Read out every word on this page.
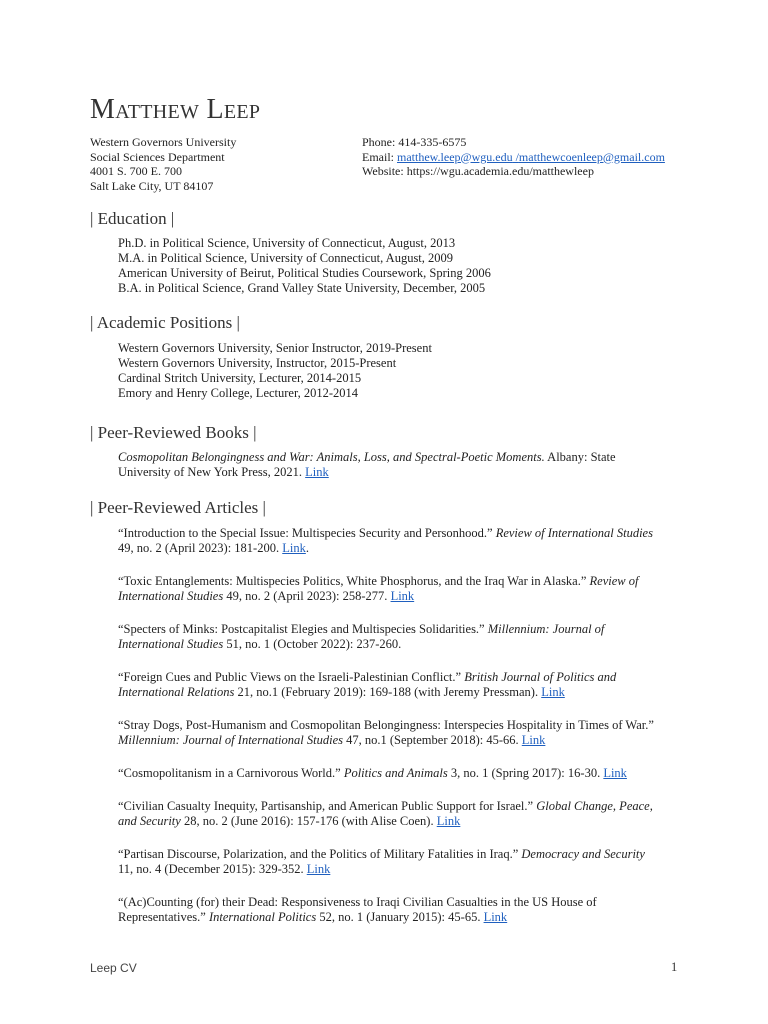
Matthew Leep
Western Governors University
Social Sciences Department
4001 S. 700 E. 700
Salt Lake City, UT 84107
Phone: 414-335-6575
Email: matthew.leep@wgu.edu /matthewcoenleep@gmail.com
Website: https://wgu.academia.edu/matthewleep
| Education |
Ph.D. in Political Science, University of Connecticut, August, 2013
M.A. in Political Science, University of Connecticut, August, 2009
American University of Beirut, Political Studies Coursework, Spring 2006
B.A. in Political Science, Grand Valley State University, December, 2005
| Academic Positions |
Western Governors University, Senior Instructor, 2019-Present
Western Governors University, Instructor, 2015-Present
Cardinal Stritch University, Lecturer, 2014-2015
Emory and Henry College, Lecturer, 2012-2014
| Peer-Reviewed Books |

Cosmopolitan Belongingness and War: Animals, Loss, and Spectral-Poetic Moments. Albany: State University of New York Press, 2021. Link

| Peer-Reviewed Articles |

“Introduction to the Special Issue: Multispecies Security and Personhood.” Review of International Studies 49, no. 2 (April 2023): 181-200. Link.

“Toxic Entanglements: Multispecies Politics, White Phosphorus, and the Iraq War in Alaska.” Review of International Studies 49, no. 2 (April 2023): 258-277. Link

“Specters of Minks: Postcapitalist Elegies and Multispecies Solidarities.” Millennium: Journal of International Studies 51, no. 1 (October 2022): 237-260.

“Foreign Cues and Public Views on the Israeli-Palestinian Conflict.” British Journal of Politics and International Relations 21, no.1 (February 2019): 169-188 (with Jeremy Pressman). Link

“Stray Dogs, Post-Humanism and Cosmopolitan Belongingness: Interspecies Hospitality in Times of War.” Millennium: Journal of International Studies 47, no.1 (September 2018): 45-66. Link

“Cosmopolitanism in a Carnivorous World.” Politics and Animals 3, no. 1 (Spring 2017): 16-30. Link

“Civilian Casualty Inequity, Partisanship, and American Public Support for Israel.” Global Change, Peace, and Security 28, no. 2 (June 2016): 157-176 (with Alise Coen). Link

“Partisan Discourse, Polarization, and the Politics of Military Fatalities in Iraq.” Democracy and Security 11, no. 4 (December 2015): 329-352. Link

“(Ac)Counting (for) their Dead: Responsiveness to Iraqi Civilian Casualties in the US House of Representatives.” International Politics 52, no. 1 (January 2015): 45-65. Link

Leep CV	1
